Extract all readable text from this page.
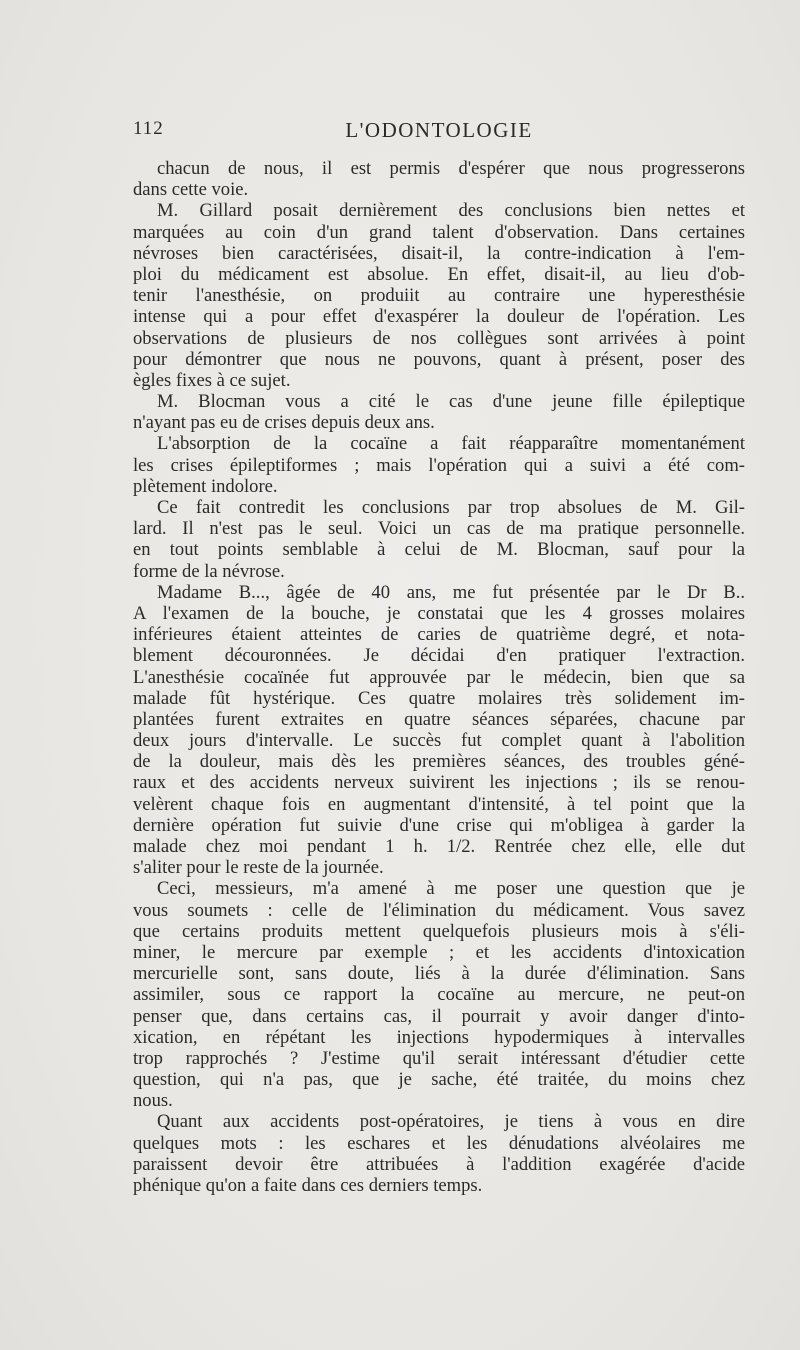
112	L'ODONTOLOGIE
chacun de nous, il est permis d'espérer que nous progresserons
dans cette voie.
M. Gillard posait dernièrement des conclusions bien nettes et
marquées au coin d'un grand talent d'observation. Dans certaines
névroses bien caractérisées, disait-il, la contre-indication à l'em-
ploi du médicament est absolue. En effet, disait-il, au lieu d'ob-
tenir l'anesthésie, on produiit au contraire une hyperesthésie
intense qui a pour effet d'exaspérer la douleur de l'opération. Les
observations de plusieurs de nos collègues sont arrivées à point
pour démontrer que nous ne pouvons, quant à présent, poser des
ègles fixes à ce sujet.
M. Blocman vous a cité le cas d'une jeune fille épileptique
n'ayant pas eu de crises depuis deux ans.
L'absorption de la cocaïne a fait réapparaître momentanément
les crises épileptiformes ; mais l'opération qui a suivi a été com-
plètement indolore.
Ce fait contredit les conclusions par trop absolues de M. Gil-
lard. Il n'est pas le seul. Voici un cas de ma pratique personnelle.
en tout points semblable à celui de M. Blocman, sauf pour la
forme de la névrose.
Madame B..., âgée de 40 ans, me fut présentée par le Dr B..
A l'examen de la bouche, je constatai que les 4 grosses molaires
inférieures étaient atteintes de caries de quatrième degré, et nota-
blement découronnées. Je décidai d'en pratiquer l'extraction.
L'anesthésie cocaïnée fut approuvée par le médecin, bien que sa
malade fût hystérique. Ces quatre molaires très solidement im-
plantées furent extraites en quatre séances séparées, chacune par
deux jours d'intervalle. Le succès fut complet quant à l'abolition
de la douleur, mais dès les premières séances, des troubles géné-
raux et des accidents nerveux suivirent les injections ; ils se renou-
velèrent chaque fois en augmentant d'intensité, à tel point que la
dernière opération fut suivie d'une crise qui m'obligea à garder la
malade chez moi pendant 1 h. 1/2. Rentrée chez elle, elle dut
s'aliter pour le reste de la journée.
Ceci, messieurs, m'a amené à me poser une question que je
vous soumets : celle de l'élimination du médicament. Vous savez
que certains produits mettent quelquefois plusieurs mois à s'éli-
miner, le mercure par exemple ; et les accidents d'intoxication
mercurielle sont, sans doute, liés à la durée d'élimination. Sans
assimiler, sous ce rapport la cocaïne au mercure, ne peut-on
penser que, dans certains cas, il pourrait y avoir danger d'into-
xication, en répétant les injections hypodermiques à intervalles
trop rapprochés ? J'estime qu'il serait intéressant d'étudier cette
question, qui n'a pas, que je sache, été traitée, du moins chez
nous.
Quant aux accidents post-opératoires, je tiens à vous en dire
quelques mots : les eschares et les dénudations alvéolaires me
paraissent devoir être attribuées à l'addition exagérée d'acide
phénique qu'on a faite dans ces derniers temps.
